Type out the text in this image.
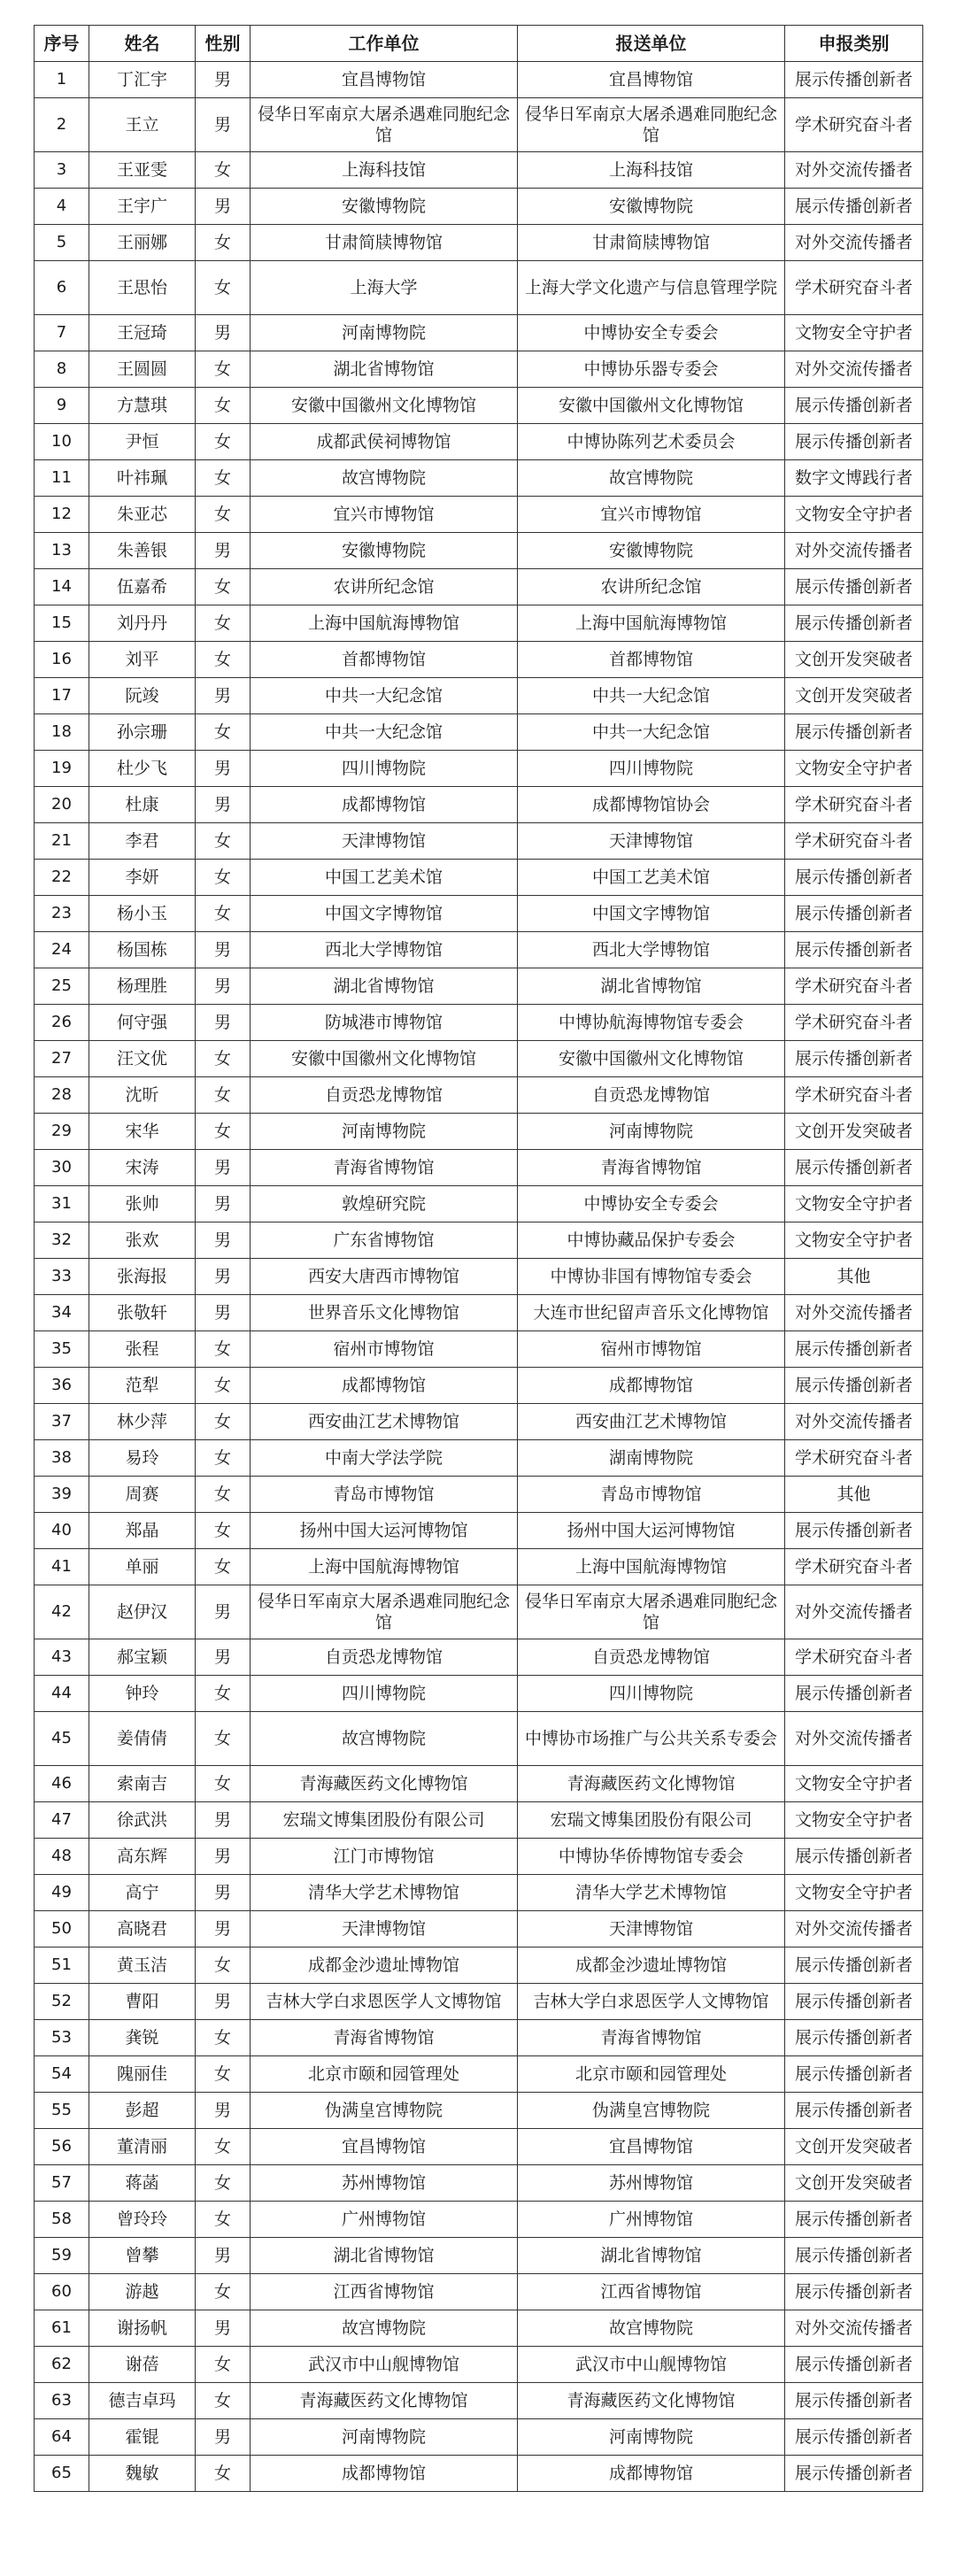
序号	姓名	性别	工作单位	报送单位	申报类别
1	丁汇宇	男	宜昌博物馆	宜昌博物馆	展示传播创新者
2	王立	男	侵华日军南京大屠杀遇难同胞纪念馆	侵华日军南京大屠杀遇难同胞纪念馆	学术研究奋斗者
3	王亚雯	女	上海科技馆	上海科技馆	对外交流传播者
4	王宇广	男	安徽博物院	安徽博物院	展示传播创新者
5	王丽娜	女	甘肃简牍博物馆	甘肃简牍博物馆	对外交流传播者
6	王思怡	女	上海大学	上海大学文化遗产与信息管理学院	学术研究奋斗者
7	王冠琦	男	河南博物院	中博协安全专委会	文物安全守护者
8	王圆圆	女	湖北省博物馆	中博协乐器专委会	对外交流传播者
9	方慧琪	女	安徽中国徽州文化博物馆	安徽中国徽州文化博物馆	展示传播创新者
10	尹恒	女	成都武侯祠博物馆	中博协陈列艺术委员会	展示传播创新者
11	叶祎珮	女	故宫博物院	故宫博物院	数字文博践行者
12	朱亚芯	女	宜兴市博物馆	宜兴市博物馆	文物安全守护者
13	朱善银	男	安徽博物院	安徽博物院	对外交流传播者
14	伍嘉希	女	农讲所纪念馆	农讲所纪念馆	展示传播创新者
15	刘丹丹	女	上海中国航海博物馆	上海中国航海博物馆	展示传播创新者
16	刘平	女	首都博物馆	首都博物馆	文创开发突破者
17	阮竣	男	中共一大纪念馆	中共一大纪念馆	文创开发突破者
18	孙宗珊	女	中共一大纪念馆	中共一大纪念馆	展示传播创新者
19	杜少飞	男	四川博物院	四川博物院	文物安全守护者
20	杜康	男	成都博物馆	成都博物馆协会	学术研究奋斗者
21	李君	女	天津博物馆	天津博物馆	学术研究奋斗者
22	李妍	女	中国工艺美术馆	中国工艺美术馆	展示传播创新者
23	杨小玉	女	中国文字博物馆	中国文字博物馆	展示传播创新者
24	杨国栋	男	西北大学博物馆	西北大学博物馆	展示传播创新者
25	杨理胜	男	湖北省博物馆	湖北省博物馆	学术研究奋斗者
26	何守强	男	防城港市博物馆	中博协航海博物馆专委会	学术研究奋斗者
27	汪文优	女	安徽中国徽州文化博物馆	安徽中国徽州文化博物馆	展示传播创新者
28	沈昕	女	自贡恐龙博物馆	自贡恐龙博物馆	学术研究奋斗者
29	宋华	女	河南博物院	河南博物院	文创开发突破者
30	宋涛	男	青海省博物馆	青海省博物馆	展示传播创新者
31	张帅	男	敦煌研究院	中博协安全专委会	文物安全守护者
32	张欢	男	广东省博物馆	中博协藏品保护专委会	文物安全守护者
33	张海报	男	西安大唐西市博物馆	中博协非国有博物馆专委会	其他
34	张敬轩	男	世界音乐文化博物馆	大连市世纪留声音乐文化博物馆	对外交流传播者
35	张程	女	宿州市博物馆	宿州市博物馆	展示传播创新者
36	范犁	女	成都博物馆	成都博物馆	展示传播创新者
37	林少萍	女	西安曲江艺术博物馆	西安曲江艺术博物馆	对外交流传播者
38	易玲	女	中南大学法学院	湖南博物院	学术研究奋斗者
39	周赛	女	青岛市博物馆	青岛市博物馆	其他
40	郑晶	女	扬州中国大运河博物馆	扬州中国大运河博物馆	展示传播创新者
41	单丽	女	上海中国航海博物馆	上海中国航海博物馆	学术研究奋斗者
42	赵伊汉	男	侵华日军南京大屠杀遇难同胞纪念馆	侵华日军南京大屠杀遇难同胞纪念馆	对外交流传播者
43	郝宝颖	男	自贡恐龙博物馆	自贡恐龙博物馆	学术研究奋斗者
44	钟玲	女	四川博物院	四川博物院	展示传播创新者
45	姜倩倩	女	故宫博物院	中博协市场推广与公共关系专委会	对外交流传播者
46	索南吉	女	青海藏医药文化博物馆	青海藏医药文化博物馆	文物安全守护者
47	徐武洪	男	宏瑞文博集团股份有限公司	宏瑞文博集团股份有限公司	文物安全守护者
48	高东辉	男	江门市博物馆	中博协华侨博物馆专委会	展示传播创新者
49	高宁	男	清华大学艺术博物馆	清华大学艺术博物馆	文物安全守护者
50	高晓君	男	天津博物馆	天津博物馆	对外交流传播者
51	黄玉洁	女	成都金沙遗址博物馆	成都金沙遗址博物馆	展示传播创新者
52	曹阳	男	吉林大学白求恩医学人文博物馆	吉林大学白求恩医学人文博物馆	展示传播创新者
53	龚锐	女	青海省博物馆	青海省博物馆	展示传播创新者
54	隗丽佳	女	北京市颐和园管理处	北京市颐和园管理处	展示传播创新者
55	彭超	男	伪满皇宫博物院	伪满皇宫博物院	展示传播创新者
56	董清丽	女	宜昌博物馆	宜昌博物馆	文创开发突破者
57	蒋菡	女	苏州博物馆	苏州博物馆	文创开发突破者
58	曾玲玲	女	广州博物馆	广州博物馆	展示传播创新者
59	曾攀	男	湖北省博物馆	湖北省博物馆	展示传播创新者
60	游越	女	江西省博物馆	江西省博物馆	展示传播创新者
61	谢扬帆	男	故宫博物院	故宫博物院	对外交流传播者
62	谢蓓	女	武汉市中山舰博物馆	武汉市中山舰博物馆	展示传播创新者
63	德吉卓玛	女	青海藏医药文化博物馆	青海藏医药文化博物馆	展示传播创新者
64	霍锟	男	河南博物院	河南博物院	展示传播创新者
65	魏敏	女	成都博物馆	成都博物馆	展示传播创新者
